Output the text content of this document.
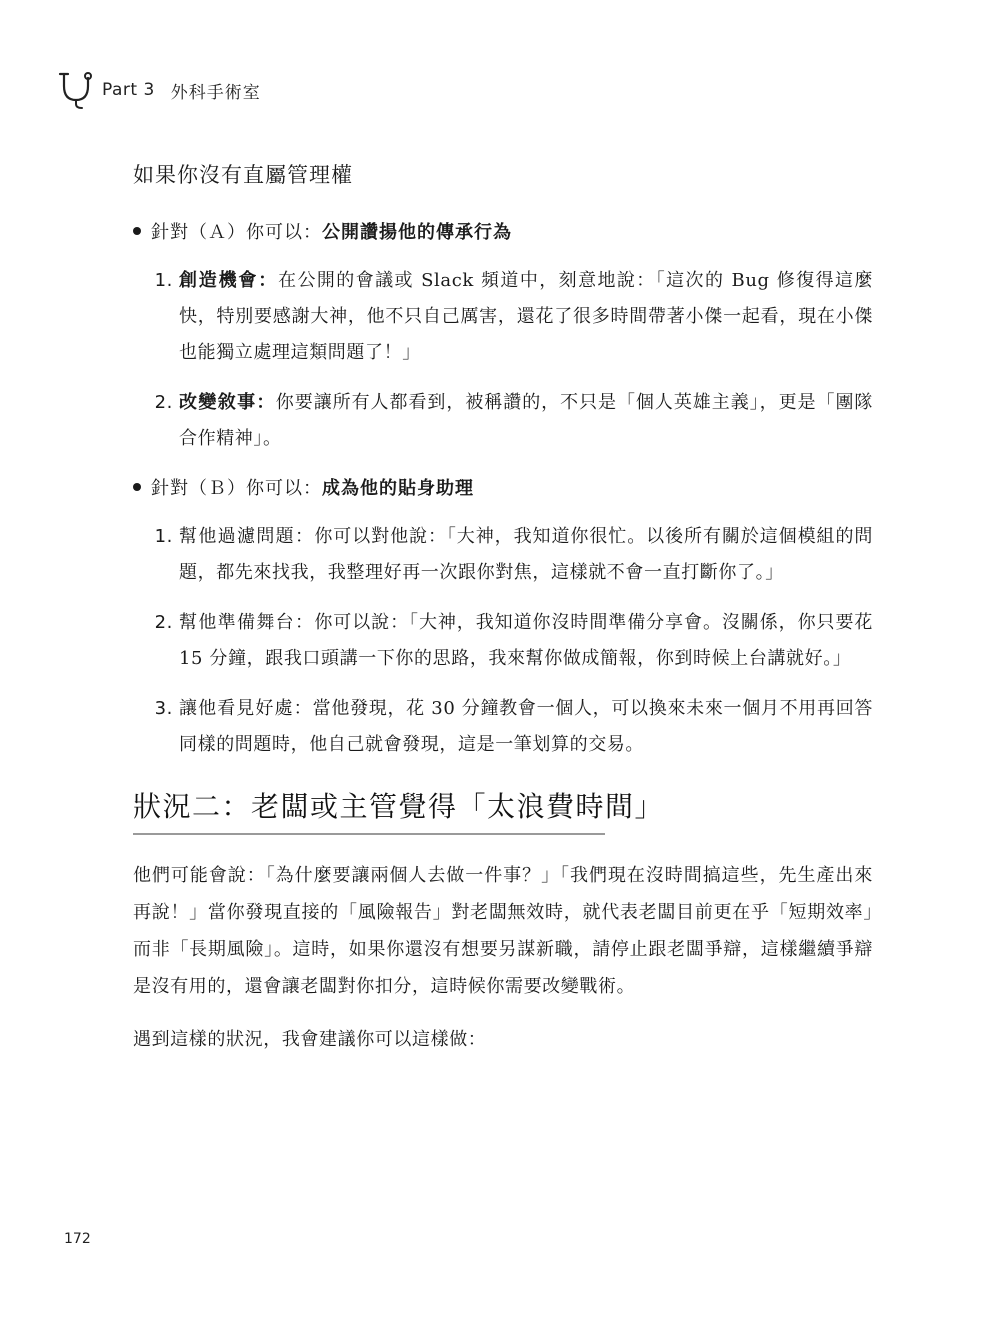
Part 3 外科手術室
如果你沒有直屬管理權
針對（Ａ）你可以：公開讚揚他的傳承行為
1. 創造機會：在公開的會議或 Slack 頻道中，刻意地說：「這次的 Bug 修復得這麼快，特別要感謝大神，他不只自己厲害，還花了很多時間帶著小傑一起看，現在小傑也能獨立處理這類問題了！」
2. 改變敘事：你要讓所有人都看到，被稱讚的，不只是「個人英雄主義」，更是「團隊合作精神」。
針對（Ｂ）你可以：成為他的貼身助理
1. 幫他過濾問題：你可以對他說：「大神，我知道你很忙。以後所有關於這個模組的問題，都先來找我，我整理好再一次跟你對焦，這樣就不會一直打斷你了。」
2. 幫他準備舞台：你可以說：「大神，我知道你沒時間準備分享會。沒關係，你只要花 15 分鐘，跟我口頭講一下你的思路，我來幫你做成簡報，你到時候上台講就好。」
3. 讓他看見好處：當他發現，花 30 分鐘教會一個人，可以換來未來一個月不用再回答同樣的問題時，他自己就會發現，這是一筆划算的交易。
狀況二：老闆或主管覺得「太浪費時間」

他們可能會說：「為什麼要讓兩個人去做一件事？」「我們現在沒時間搞這些，先生產出來再說！」當你發現直接的「風險報告」對老闆無效時，就代表老闆目前更在乎「短期效率」而非「長期風險」。這時，如果你還沒有想要另謀新職，請停止跟老闆爭辯，這樣繼續爭辯是沒有用的，還會讓老闆對你扣分，這時候你需要改變戰術。

遇到這樣的狀況，我會建議你可以這樣做：

172
